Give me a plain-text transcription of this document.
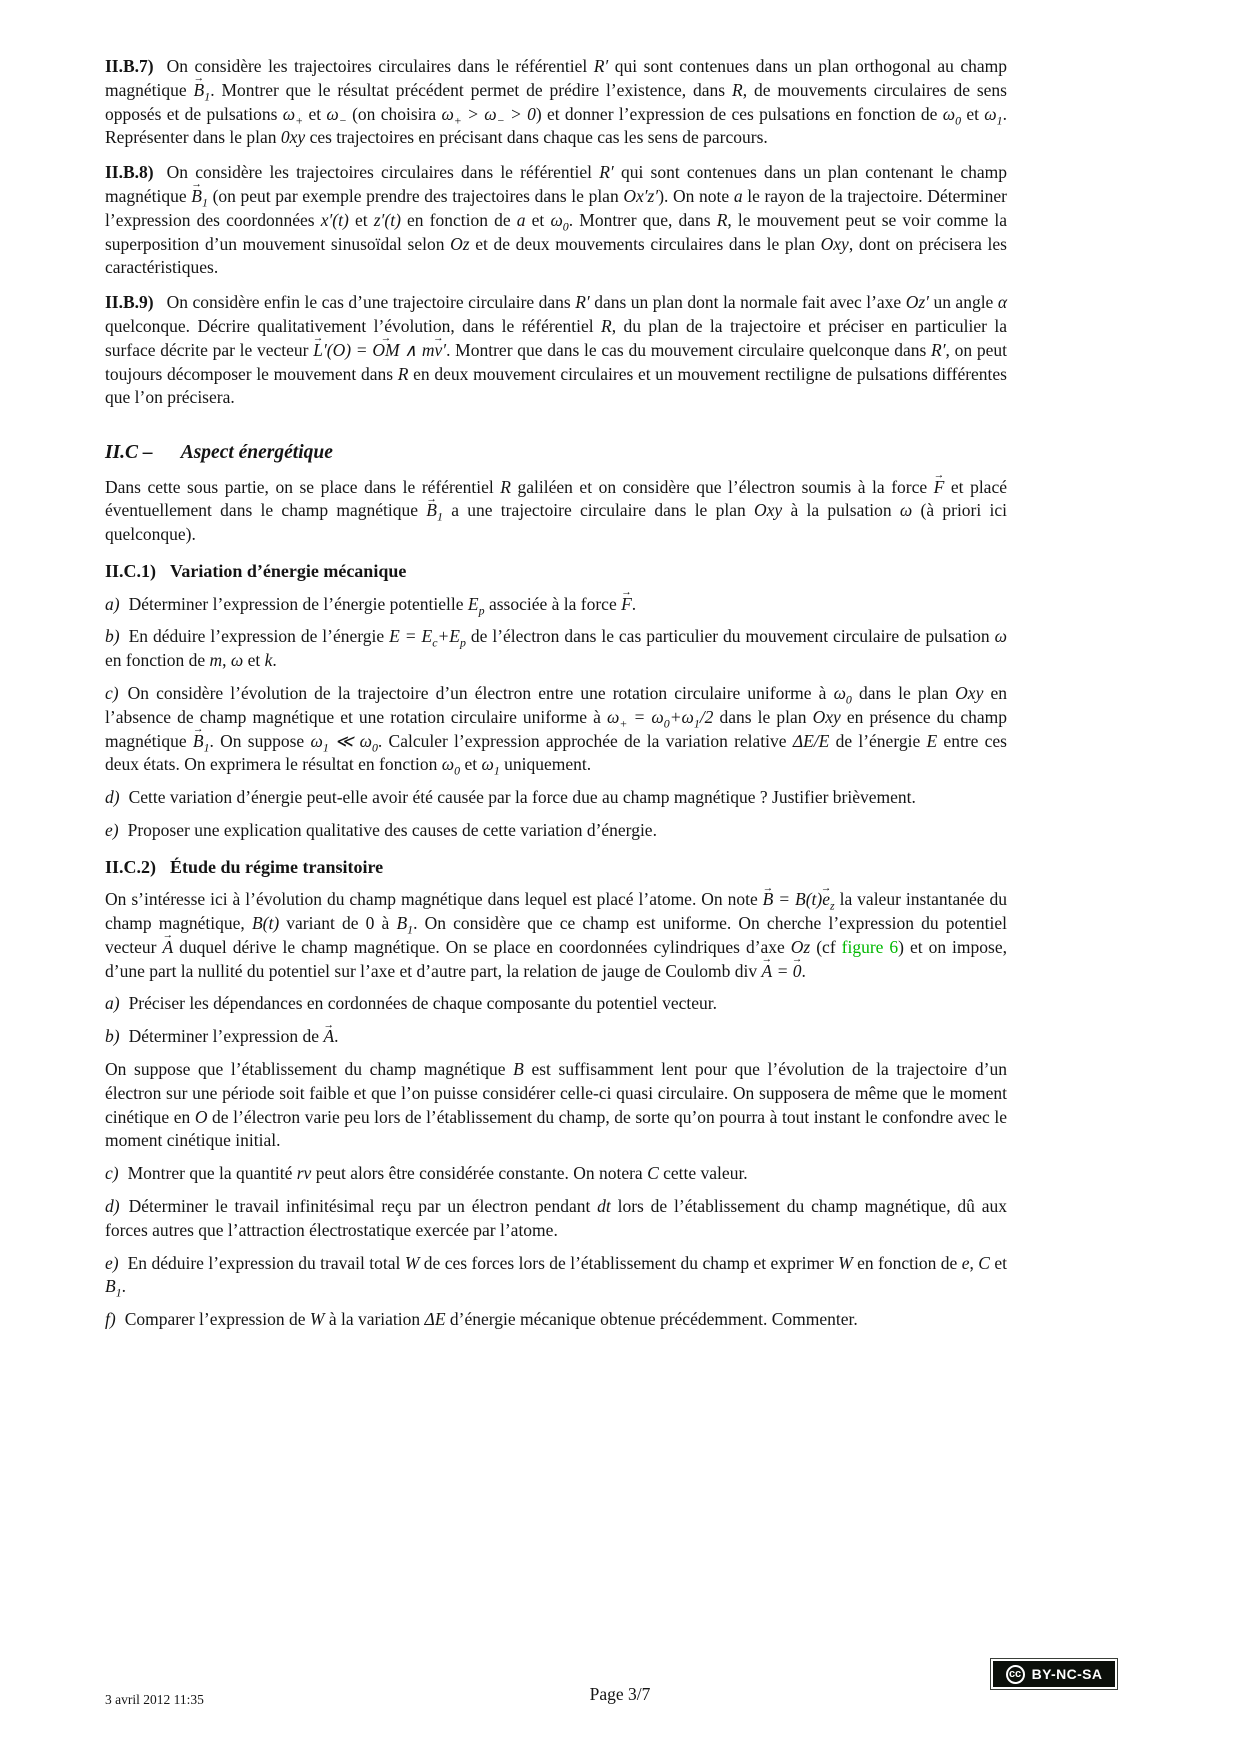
II.B.7) On considère les trajectoires circulaires dans le référentiel R′ qui sont contenues dans un plan orthogonal au champ magnétique → $B_1$. Montrer que le résultat précédent permet de prédire l’existence, dans R, de mouvements circulaires de sens opposés et de pulsations $\omega_+$ et $\omega_-$ (on choisira $\omega_+ > \omega_- > 0$) et donner l’expression de ces pulsations en fonction de $\omega_0$ et $\omega_1$. Représenter dans le plan 0xy ces trajectoires en précisant dans chaque cas les sens de parcours.
II.B.8) On considère les trajectoires circulaires dans le référentiel R′ qui sont contenues dans un plan contenant le champ magnétique → $B_1$ (on peut par exemple prendre des trajectoires dans le plan Ox′z′). On note a le rayon de la trajectoire. Déterminer l’expression des coordonnées x′(t) et z′(t) en fonction de a et $\omega_0$. Montrer que, dans R, le mouvement peut se voir comme la superposition d’un mouvement sinusoïdal selon Oz et de deux mouvements circulaires dans le plan Oxy, dont on précisera les caractéristiques.
II.B.9) On considère enfin le cas d’une trajectoire circulaire dans R′ dans un plan dont la normale fait avec l’axe Oz′ un angle α quelconque. Décrire qualitativement l’évolution, dans le référentiel R, du plan de la trajectoire et préciser en particulier la surface décrite par le vecteur → L′(O) = → OM ∧ m→ v′. Montrer que dans le cas du mouvement circulaire quelconque dans R′, on peut toujours décomposer le mouvement dans R en deux mouvement circulaires et un mouvement rectiligne de pulsations différentes que l’on précisera.
II.C – Aspect énergétique
Dans cette sous partie, on se place dans le référentiel R galiléen et on considère que l’électron soumis à la force → F et placé éventuellement dans le champ magnétique → $B_1$ a une trajectoire circulaire dans le plan Oxy à la pulsation ω (à priori ici quelconque).
II.C.1) Variation d’énergie mécanique
a) Déterminer l’expression de l’énergie potentielle $E_p$ associée à la force → F.
b) En déduire l’expression de l’énergie $E = E_c+E_p$ de l’électron dans le cas particulier du mouvement circulaire de pulsation ω en fonction de m, ω et k.
c) On considère l’évolution de la trajectoire d’un électron entre une rotation circulaire uniforme à $\omega_0$ dans le plan Oxy en l’absence de champ magnétique et une rotation circulaire uniforme à $\omega_+ = \omega_0+\omega_1/2$ dans le plan Oxy en présence du champ magnétique → $B_1$. On suppose $\omega_1$ ≪ $\omega_0$. Calculer l’expression approchée de la variation relative ΔE/E de l’énergie E entre ces deux états. On exprimera le résultat en fonction $\omega_0$ et $\omega_1$ uniquement.
d) Cette variation d’énergie peut-elle avoir été causée par la force due au champ magnétique ? Justifier brièvement.
e) Proposer une explication qualitative des causes de cette variation d’énergie.
II.C.2) Étude du régime transitoire
On s’intéresse ici à l’évolution du champ magnétique dans lequel est placé l’atome. On note → $B = B(t)\to e_z$ la valeur instantanée du champ magnétique, B(t) variant de 0 à $B_1$. On considère que ce champ est uniforme. On cherche l’expression du potentiel vecteur → A duquel dérive le champ magnétique. On se place en coordonnées cylindriques d’axe Oz (cf figure 6) et on impose, d’une part la nullité du potentiel sur l’axe et d’autre part, la relation de jauge de Coulomb div → A = → 0.
a) Préciser les dépendances en cordonnées de chaque composante du potentiel vecteur.
b) Déterminer l’expression de → A.
On suppose que l’établissement du champ magnétique B est suffisamment lent pour que l’évolution de la trajectoire d’un électron sur une période soit faible et que l’on puisse considérer celle-ci quasi circulaire. On supposera de même que le moment cinétique en O de l’électron varie peu lors de l’établissement du champ, de sorte qu’on pourra à tout instant le confondre avec le moment cinétique initial.
c) Montrer que la quantité rv peut alors être considérée constante. On notera C cette valeur.
d) Déterminer le travail infinitésimal reçu par un électron pendant dt lors de l’établissement du champ magnétique, dû aux forces autres que l’attraction électrostatique exercée par l’atome.
e) En déduire l’expression du travail total W de ces forces lors de l’établissement du champ et exprimer W en fonction de e, C et $B_1$.
f) Comparer l’expression de W à la variation ΔE d’énergie mécanique obtenue précédemment. Commenter.
3 avril 2012 11:35	Page 3/7
cc BY-NC-SA
